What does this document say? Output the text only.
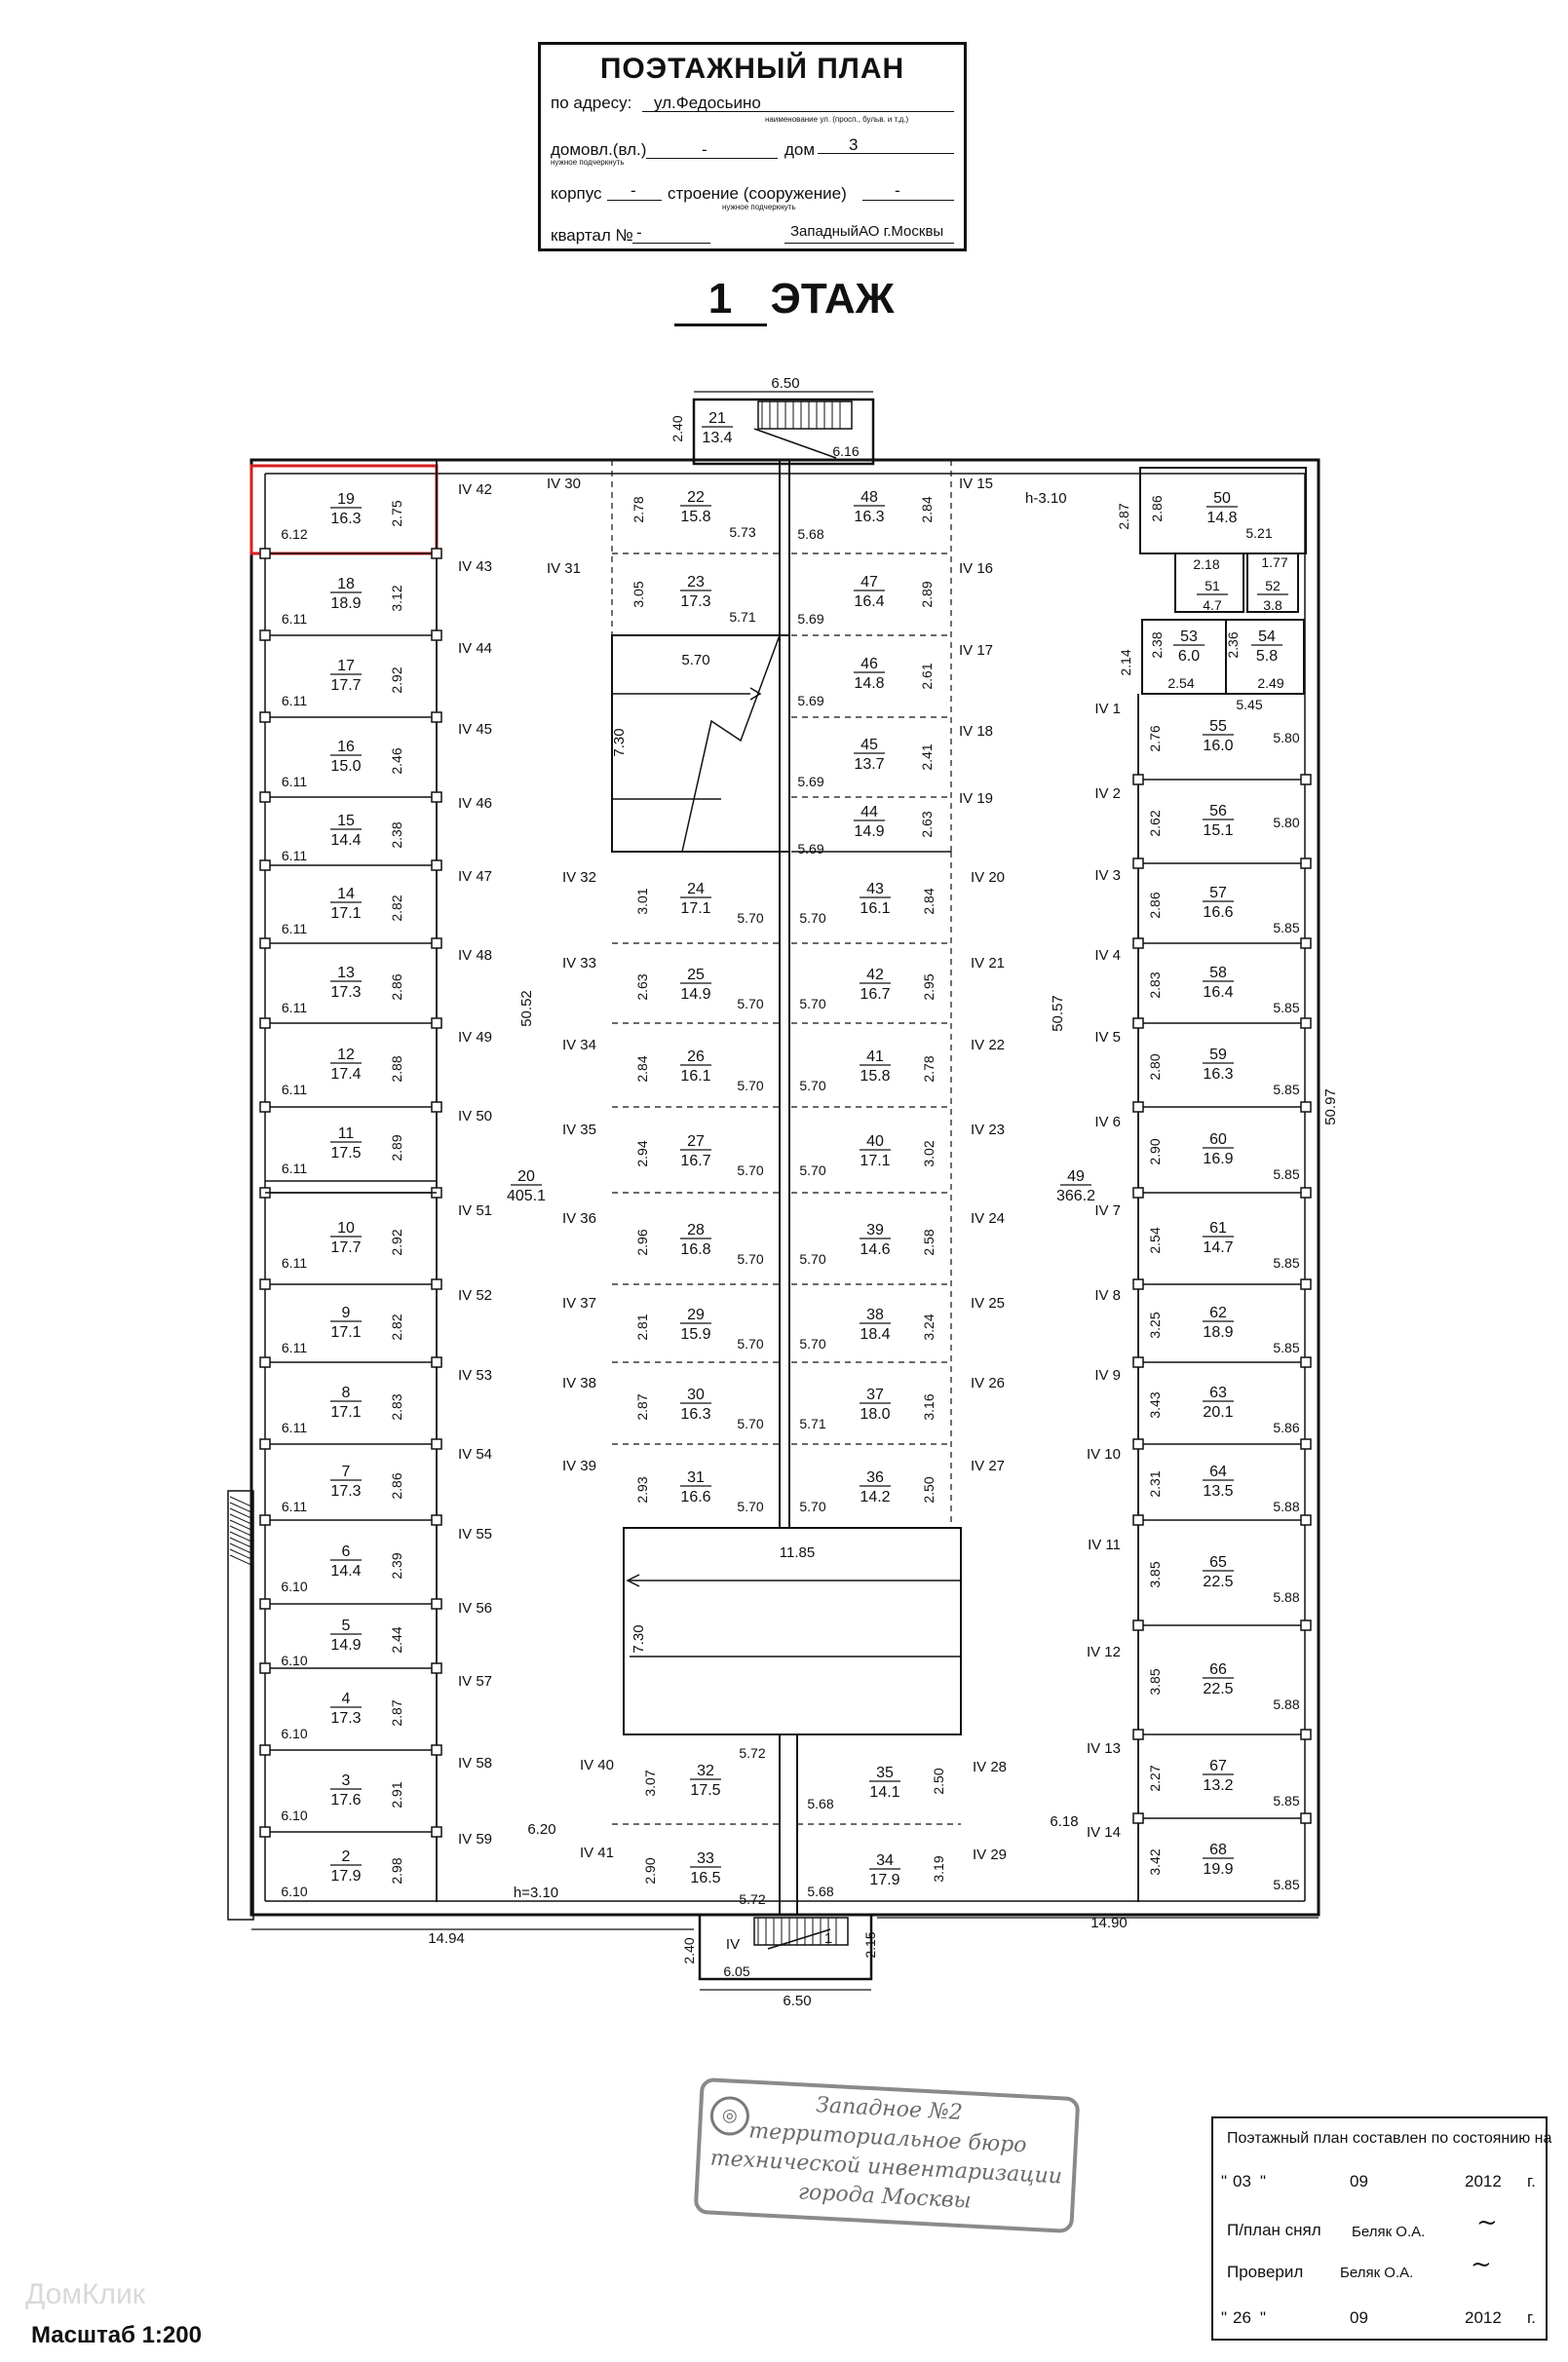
ПОЭТАЖНЫЙ ПЛАН
по адресу: ул.Федосьино
наименование ул. (просп., бульв. и т.д.)
домовл.(вл.)
нужное подчеркнуть
-	дом 3
корпус - строение (сооружение)
нужное подчеркнуть
-
квартал № -	ЗападныйАО г.Москвы
1 ЭТАЖ
19
16.3 2.75
6.12
IV 42
18
18.9 3.12
6.11
IV 43
17
17.7 2.92
6.11
IV 44
16
15.0 2.46
6.11
IV 45
15
14.4 2.38
6.11
IV 46
14
17.1 2.82
6.11
IV 47
13
17.3 2.86
6.11
IV 48
12
17.4 2.88
6.11
IV 49
11
17.5 2.89
6.11
IV 50
10
17.7 2.92
6.11
IV 51
9
17.1 2.82
6.11
IV 52
8
17.1 2.83
6.11
IV 53
7
17.3 2.86
6.11
IV 54
6
14.4 2.39
6.10
IV 55
5
14.9 2.44
6.10
IV 56
4
17.3 2.87
6.10
IV 57
3
17.6 2.91
6.10
IV 58
2
17.9 2.98
6.10
IV 59
50.52
20
405.1
6.20
h=3.10
22
15.8
2.78
5.73
IV 30
23
17.3
3.05
5.71
IV 31
5.70
7.30
24
17.1
3.01
5.70
IV 32
25
14.9
2.63
5.70
IV 33
26
16.1
2.84
5.70
IV 34
27
16.7
2.94
5.70
IV 35
28
16.8
2.96
5.70
IV 36
29
15.9
2.81
5.70
IV 37
30
16.3
2.87
5.70
IV 38
31
16.6
2.93
5.70
IV 39
11.85
7.30
32
17.5
3.07
5.72
IV 40
33
16.5
2.90
5.72
IV 41
48
16.3	2.84
5.68
IV 15
47
16.4	2.89
5.69
IV 16
46
14.8	2.61
5.69
IV 17
45
13.7	2.41
5.69
IV 18
44
14.9	2.63
5.69
IV 19
43
16.1 2.84
5.70
IV 20
42
16.7 2.95
5.70
IV 21
41
15.8 2.78
5.70
IV 22
40
17.1 3.02
5.70
IV 23
39
14.6 2.58
5.70
IV 24
38
18.4 3.24
5.70
IV 25
37
18.0 3.16
5.71
IV 26
36
14.2 2.50
5.70
IV 27
35
14.1 2.50
5.68
IV 28
34
17.9 3.19
5.68
IV 29
50.57
49
366.2
6.18
55
16.0
2.76	5.80
IV 1
56
15.1
2.62	5.80
IV 2
57
16.6
2.86
5.85
IV 3
58
16.4
2.83
5.85
IV 4
59
16.3
2.80
5.85
IV 5
60
16.9
2.90
5.85
IV 6
61
14.7
2.54
5.85
IV 7
62
18.9
3.25
5.85
IV 8
63
20.1
3.43
5.86
IV 9
64
13.5
2.31
5.88
IV 10
65
22.5
3.85
5.88
IV 11
66
22.5
3.85
5.88
IV 12
67
13.2
2.27
5.85
IV 13
68
19.9
3.42
5.85
IV 14
50
14.8
51
4.7
52
3.8
53
6.0
54
5.8
2.87 2.86
5.21
2.18	1.77
2.14
2.38	2.36
2.54	2.49
5.45
h-3.10
21
13.4
6.50
2.40
6.16
IV	1
6.05
2.40	2.15
6.50
50.97
14.94
14.90
◎	Западное №2
территориальное бюро
технической инвентаризации
города Москвы
Поэтажный план составлен по состоянию на
" 03 "	09	2012 г.
П/план снял Беляк О.А. ~
Проверил	Беляк О.А. ~
" 26 "	09	2012 г.
ДомКлик
Масштаб 1:200
